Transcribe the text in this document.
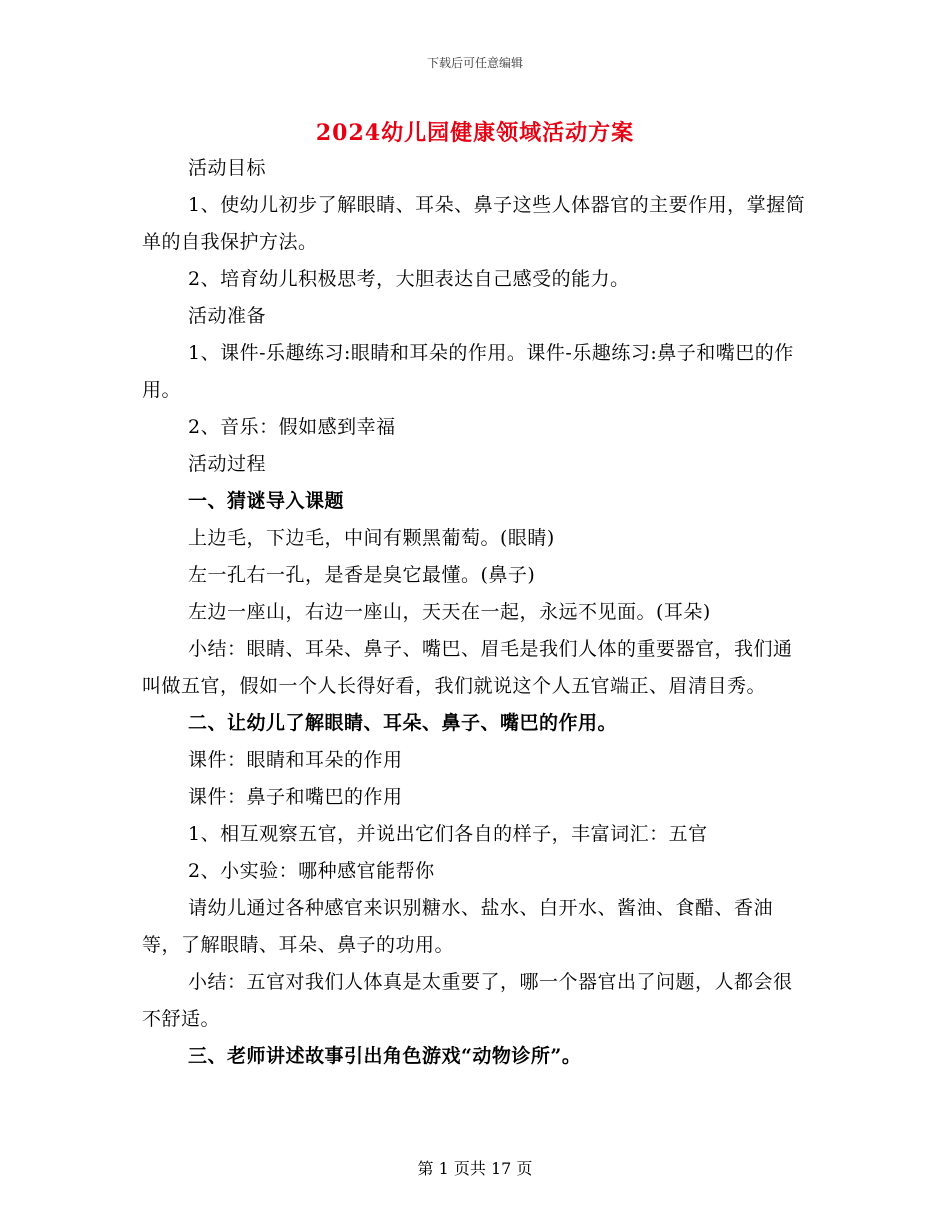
下载后可任意编辑
2024幼儿园健康领域活动方案

活动目标

1、使幼儿初步了解眼睛、耳朵、鼻子这些人体器官的主要作用，掌握简单的自我保护方法。

2、培育幼儿积极思考，大胆表达自己感受的能力。

活动准备

1、课件-乐趣练习:眼睛和耳朵的作用。课件-乐趣练习:鼻子和嘴巴的作用。

2、音乐：假如感到幸福

活动过程

一、猜谜导入课题

上边毛，下边毛，中间有颗黑葡萄。(眼睛)

左一孔右一孔，是香是臭它最懂。(鼻子)

左边一座山，右边一座山，天天在一起，永远不见面。(耳朵)

小结：眼睛、耳朵、鼻子、嘴巴、眉毛是我们人体的重要器官，我们通叫做五官，假如一个人长得好看，我们就说这个人五官端正、眉清目秀。

二、让幼儿了解眼睛、耳朵、鼻子、嘴巴的作用。

课件：眼睛和耳朵的作用

课件：鼻子和嘴巴的作用

1、相互观察五官，并说出它们各自的样子，丰富词汇：五官

2、小实验：哪种感官能帮你

请幼儿通过各种感官来识别糖水、盐水、白开水、酱油、食醋、香油等，了解眼睛、耳朵、鼻子的功用。

小结：五官对我们人体真是太重要了，哪一个器官出了问题，人都会很不舒适。

三、老师讲述故事引出角色游戏“动物诊所”。

第 1 页共 17 页
